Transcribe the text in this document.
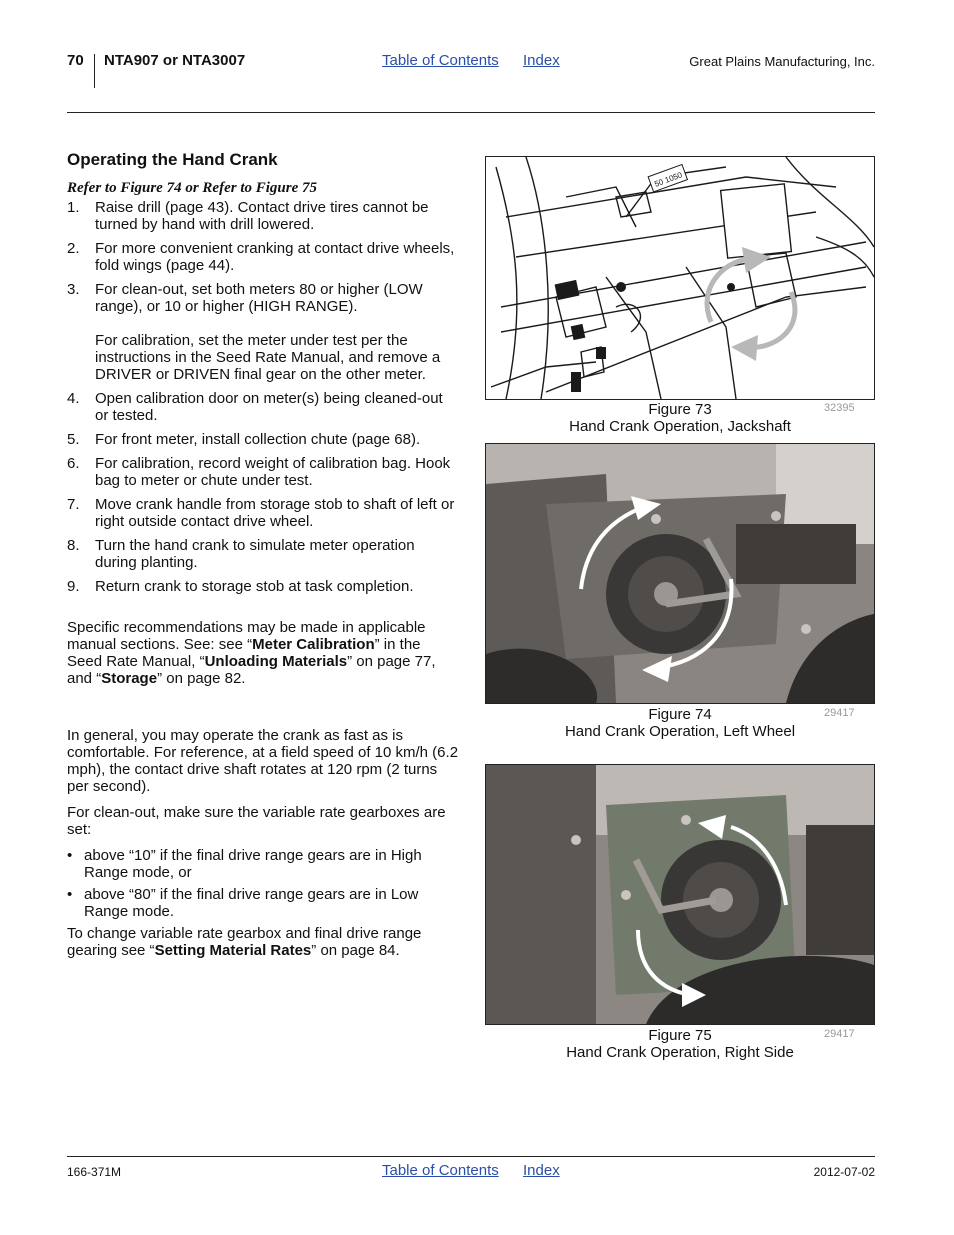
70 NTA907 or NTA3007	Table of Contents Index	Great Plains Manufacturing, Inc.
Operating the Hand Crank
Refer to Figure 74 or Refer to Figure 75
1. Raise drill (page 43). Contact drive tires cannot be turned by hand with drill lowered.
2. For more convenient cranking at contact drive wheels, fold wings (page 44).
3. For clean-out, set both meters 80 or higher (LOW range), or 10 or higher (HIGH RANGE).
For calibration, set the meter under test per the instructions in the Seed Rate Manual, and remove a DRIVER or DRIVEN final gear on the other meter.
4. Open calibration door on meter(s) being cleaned-out or tested.
5. For front meter, install collection chute (page 68).
6. For calibration, record weight of calibration bag. Hook bag to meter or chute under test.
7. Move crank handle from storage stob to shaft of left or right outside contact drive wheel.
8. Turn the hand crank to simulate meter operation during planting.
9. Return crank to storage stob at task completion.

Specific recommendations may be made in applicable manual sections. See: see “Meter Calibration” in the Seed Rate Manual, “Unloading Materials” on page 77, and “Storage” on page 82.

In general, you may operate the crank as fast as is comfortable. For reference, at a field speed of 10 km/h (6.2 mph), the contact drive shaft rotates at 120 rpm (2 turns per second).

For clean-out, make sure the variable rate gearboxes are set:

• above “10” if the final drive range gears are in High Range mode, or
• above “80” if the final drive range gears are in Low Range mode.

To change variable rate gearbox and final drive range gearing see “Setting Material Rates” on page 84.

50 1050
Figure 73
Hand Crank Operation, Jackshaft
32395
Figure 74
Hand Crank Operation, Left Wheel
29417
Figure 75
Hand Crank Operation, Right Side
29417
166-371M	Table of Contents Index	2012-07-02
